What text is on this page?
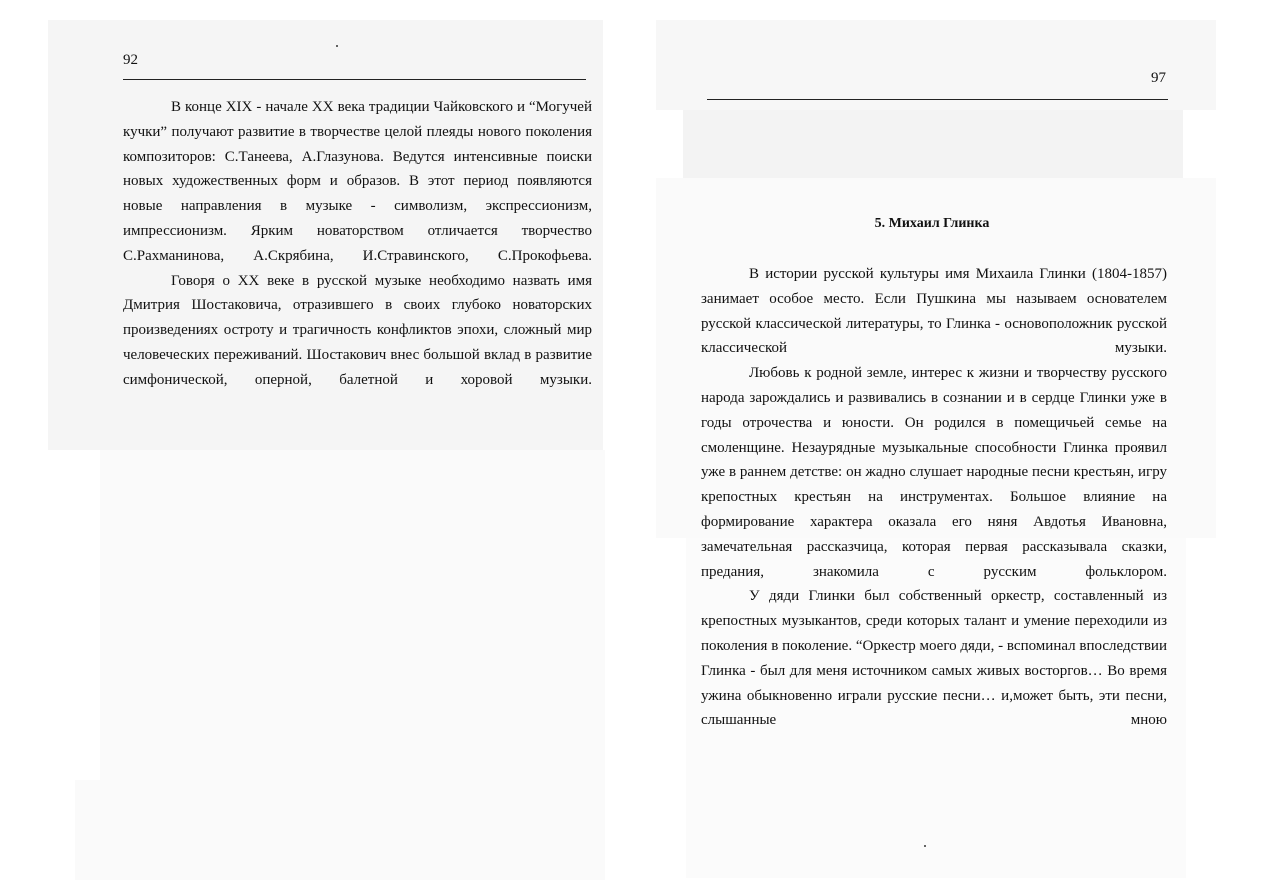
92

В конце XIX - начале XX века традиции Чайковского и “Могучей кучки” получают развитие в творчестве целой плеяды нового поколения композиторов: С.Танеева, А.Глазунова. Ведутся интенсивные поиски новых художественных форм и образов. В этот период появляются новые направления в музыке - символизм, экспрессионизм, импрессионизм. Ярким новаторством отличается творчество С.Рахманинова, А.Скрябина, И.Стравинского, С.Прокофьева.

Говоря о XX веке в русской музыке необходимо назвать имя Дмитрия Шостаковича, отразившего в своих глубоко новаторских произведениях остроту и трагичность конфликтов эпохи, сложный мир человеческих переживаний. Шостакович внес большой вклад в развитие симфонической, оперной, балетной и хоровой музыки.

97
5. Михаил Глинка

В истории русской культуры имя Михаила Глинки (1804-1857) занимает особое место. Если Пушкина мы называем основателем русской классической литературы, то Глинка - основоположник русской классической музыки.

Любовь к родной земле, интерес к жизни и творчеству русского народа зарождались и развивались в сознании и в сердце Глинки уже в годы отрочества и юности. Он родился в помещичьей семье на смоленщине. Незаурядные музыкальные способности Глинка проявил уже в раннем детстве: он жадно слушает народные песни крестьян, игру крепостных крестьян на инструментах. Большое влияние на формирование характера оказала его няня Авдотья Ивановна, замечательная рассказчица, которая первая рассказывала сказки, предания, знакомила с русским фольклором.

У дяди Глинки был собственный оркестр, составленный из крепостных музыкантов, среди которых талант и умение переходили из поколения в поколение. “Оркестр моего дяди, - вспоминал впоследствии Глинка - был для меня источником самых живых восторгов… Во время ужина обыкновенно играли русские песни… и,может быть, эти песни, слышанные мною
